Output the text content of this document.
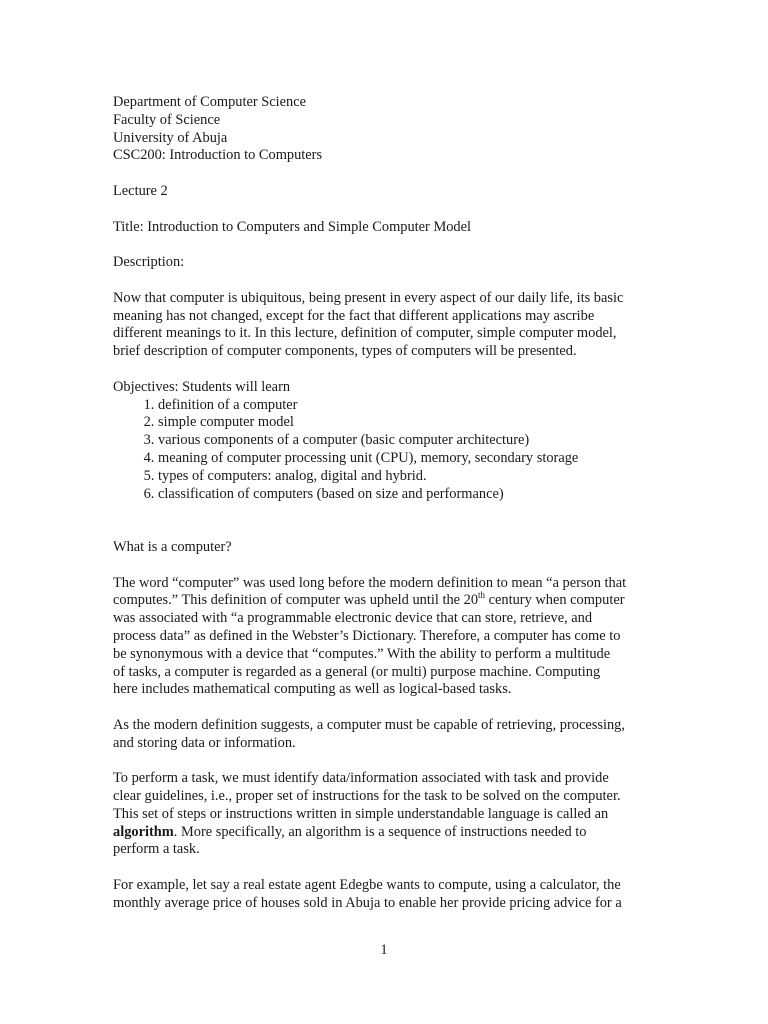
Department of Computer Science
Faculty of Science
University of Abuja
CSC200: Introduction to Computers
Lecture 2
Title: Introduction to Computers and Simple Computer Model
Description:
Now that computer is ubiquitous, being present in every aspect of our daily life, its basic
meaning has not changed, except for the fact that different applications may ascribe
different meanings to it. In this lecture, definition of computer, simple computer model,
brief description of computer components, types of computers will be presented.
Objectives: Students will learn
1. definition of a computer
2. simple computer model
3. various components of a computer (basic computer architecture)
4. meaning of computer processing unit (CPU), memory, secondary storage
5. types of computers: analog, digital and hybrid.
6. classification of computers (based on size and performance)
What is a computer?
The word “computer” was used long before the modern definition to mean “a person that
computes.” This definition of computer was upheld until the 20th century when computer
was associated with “a programmable electronic device that can store, retrieve, and
process data” as defined in the Webster’s Dictionary. Therefore, a computer has come to
be synonymous with a device that “computes.” With the ability to perform a multitude
of tasks, a computer is regarded as a general (or multi) purpose machine. Computing
here includes mathematical computing as well as logical-based tasks.
As the modern definition suggests, a computer must be capable of retrieving, processing,
and storing data or information.
To perform a task, we must identify data/information associated with task and provide
clear guidelines, i.e., proper set of instructions for the task to be solved on the computer.
This set of steps or instructions written in simple understandable language is called an
algorithm. More specifically, an algorithm is a sequence of instructions needed to
perform a task.
For example, let say a real estate agent Edegbe wants to compute, using a calculator, the
monthly average price of houses sold in Abuja to enable her provide pricing advice for a
1
